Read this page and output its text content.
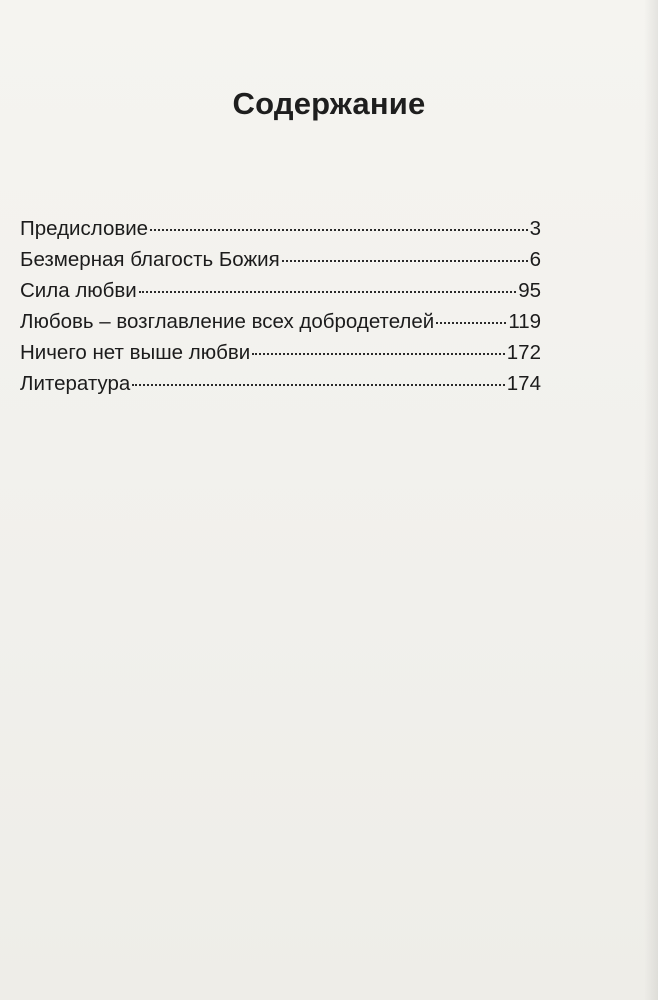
Содержание
Предисловие	3
Безмерная благость Божия	6
Сила любви	95
Любовь – возглавление всех добродетелей	119
Ничего нет выше любви	172
Литература	174
